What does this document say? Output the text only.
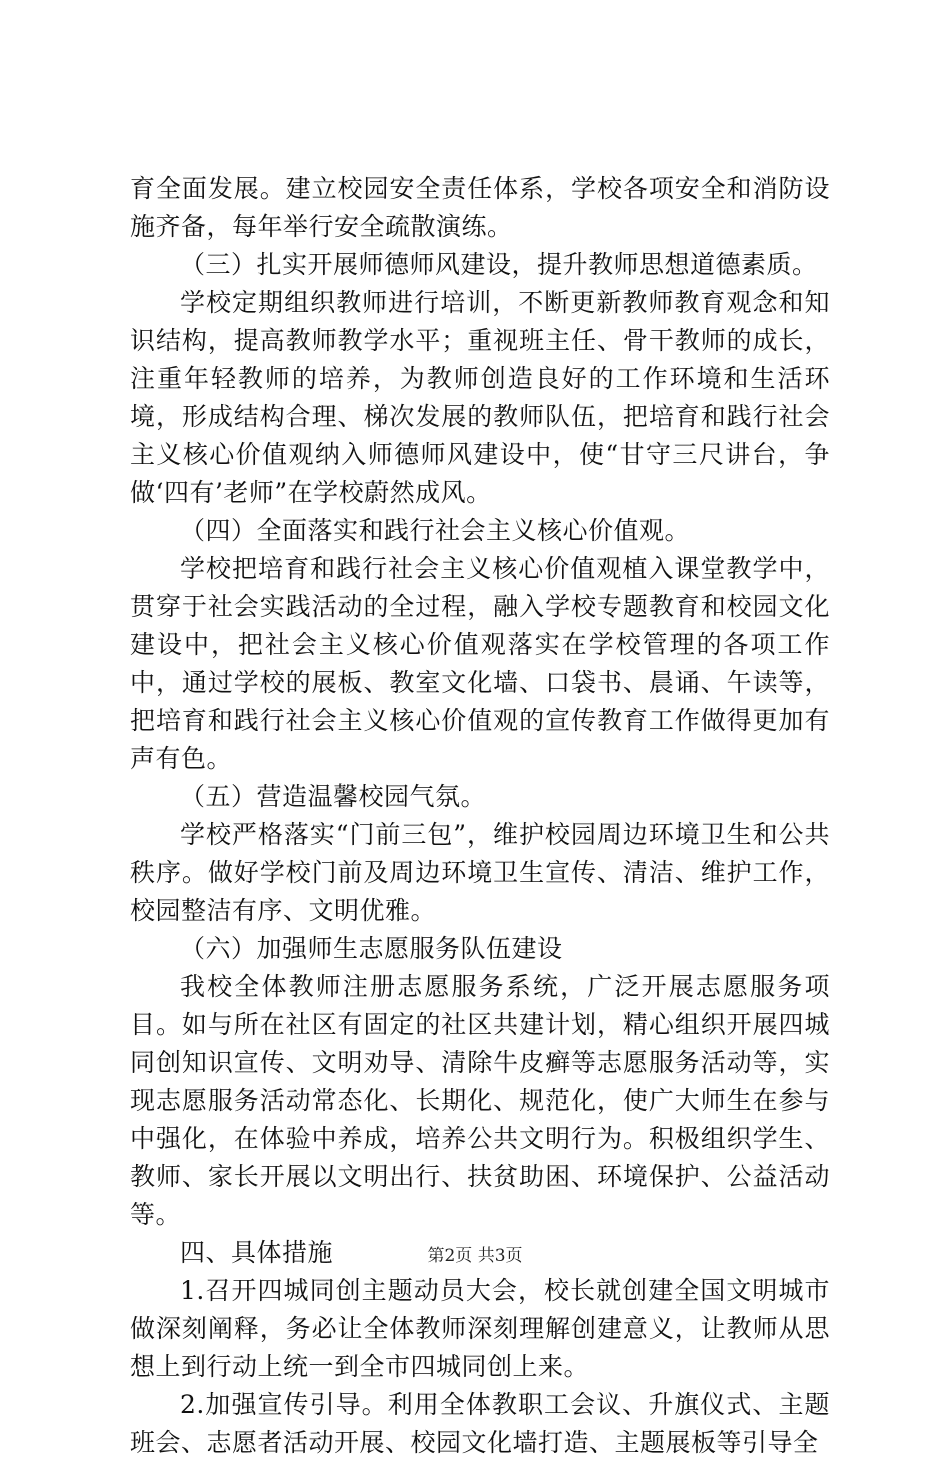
育全面发展。建立校园安全责任体系，学校各项安全和消防设施齐备，每年举行安全疏散演练。

（三）扎实开展师德师风建设，提升教师思想道德素质。

学校定期组织教师进行培训，不断更新教师教育观念和知识结构，提高教师教学水平；重视班主任、骨干教师的成长，注重年轻教师的培养，为教师创造良好的工作环境和生活环境，形成结构合理、梯次发展的教师队伍，把培育和践行社会主义核心价值观纳入师德师风建设中，使“甘守三尺讲台，争做‘四有’老师”在学校蔚然成风。

（四）全面落实和践行社会主义核心价值观。

学校把培育和践行社会主义核心价值观植入课堂教学中，贯穿于社会实践活动的全过程，融入学校专题教育和校园文化建设中，把社会主义核心价值观落实在学校管理的各项工作中，通过学校的展板、教室文化墙、口袋书、晨诵、午读等，把培育和践行社会主义核心价值观的宣传教育工作做得更加有声有色。

（五）营造温馨校园气氛。

学校严格落实“门前三包”，维护校园周边环境卫生和公共秩序。做好学校门前及周边环境卫生宣传、清洁、维护工作，校园整洁有序、文明优雅。

（六）加强师生志愿服务队伍建设

我校全体教师注册志愿服务系统，广泛开展志愿服务项目。如与所在社区有固定的社区共建计划，精心组织开展四城同创知识宣传、文明劝导、清除牛皮癣等志愿服务活动等，实现志愿服务活动常态化、长期化、规范化，使广大师生在参与中强化，在体验中养成，培养公共文明行为。积极组织学生、教师、家长开展以文明出行、扶贫助困、环境保护、公益活动等。

四、具体措施

1.召开四城同创主题动员大会，校长就创建全国文明城市做深刻阐释，务必让全体教师深刻理解创建意义，让教师从思想上到行动上统一到全市四城同创上来。

2.加强宣传引导。利用全体教职工会议、升旗仪式、主题班会、志愿者活动开展、校园文化墙打造、主题展板等引导全

第2页 共3页
